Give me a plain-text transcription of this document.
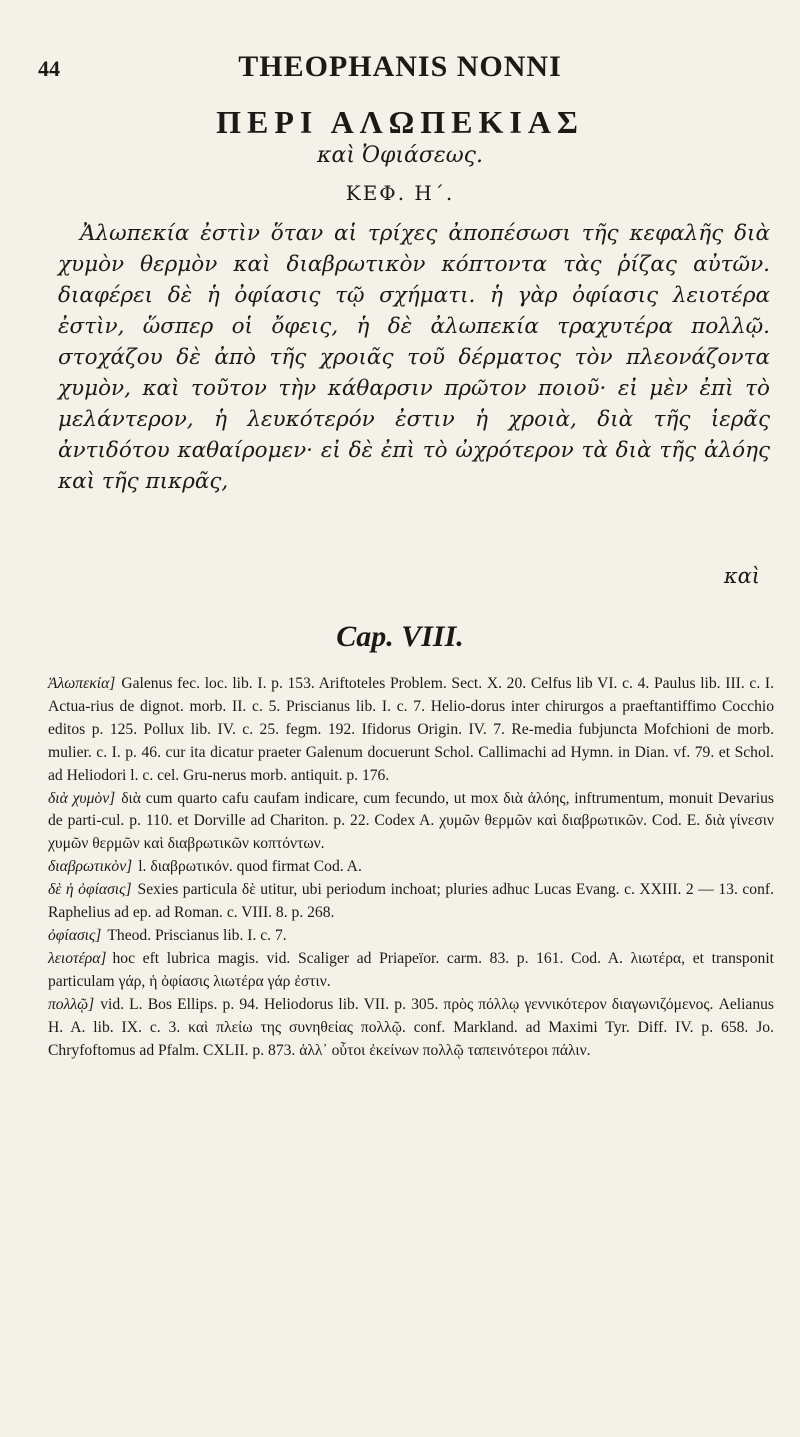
44	THEOPHANIS NONNI
ΠΕΡΙ ΑΛΩΠΕΚΙΑΣ
καὶ Ὀφιάσεως.
ΚΕΦ. Η΄.

Ἀλωπεκία ἐστὶν ὅταν αἱ τρίχες ἀποπέσωσι τῆς κεφαλῆς διὰ χυμὸν θερμὸν καὶ διαβρωτικὸν κόπτοντα τὰς ῥίζας αὐτῶν. διαφέρει δὲ ἡ ὀφίασις τῷ σχήματι. ἡ γὰρ ὀφίασις λειοτέρα ἐστὶν, ὥσπερ οἱ ὄφεις, ἡ δὲ ἀλωπεκία τραχυτέρα πολλῷ. στοχάζου δὲ ἀπὸ τῆς χροιᾶς τοῦ δέρματος τὸν πλεονάζοντα χυμὸν, καὶ τοῦτον τὴν κάθαρσιν πρῶτον ποιοῦ· εἰ μὲν ἐπὶ τὸ μελάντερον, ἡ λευκότερόν ἐστιν ἡ χροιὰ, διὰ τῆς ἱερᾶς ἀντιδότου καθαίρομεν· εἰ δὲ ἐπὶ τὸ ὠχρότερον τὰ διὰ τῆς ἀλόης καὶ τῆς πικρᾶς,

καὶ
Cap. VIII.

Ἀλωπεκία] Galenus fec. loc. lib. I. p. 153. Ariftoteles Problem. Sect. X. 20. Celfus lib VI. c. 4. Paulus lib. III. c. I. Actua-rius de dignot. morb. II. c. 5. Priscianus lib. I. c. 7. Helio-dorus inter chirurgos a praeftantiffimo Cocchio editos p. 125. Pollux lib. IV. c. 25. fegm. 192. Ifidorus Origin. IV. 7. Re-media fubjuncta Mofchioni de morb. mulier. c. I. p. 46. cur ita dicatur praeter Galenum docuerunt Schol. Callimachi ad Hymn. in Dian. vf. 79. et Schol. ad Heliodori l. c. cel. Gru-nerus morb. antiquit. p. 176.

διὰ χυμὸν] διὰ cum quarto cafu caufam indicare, cum fecundo, ut mox διὰ ἀλόης, inftrumentum, monuit Devarius de parti-cul. p. 110. et Dorville ad Chariton. p. 22. Codex A. χυμῶν θερμῶν καὶ διαβρωτικῶν. Cod. E. διὰ γίνεσιν χυμῶν θερμῶν καὶ διαβρωτικῶν κοπτόντων.

διαβρωτικὸν] l. διαβρωτικόν. quod firmat Cod. A.

δὲ ἡ ὀφίασις] Sexies particula δὲ utitur, ubi periodum inchoat; pluries adhuc Lucas Evang. c. XXIII. 2 — 13. conf. Raphelius ad ep. ad Roman. c. VIII. 8. p. 268.

ὀφίασις] Theod. Priscianus lib. I. c. 7.

λειοτέρα] hoc eft lubrica magis. vid. Scaliger ad Priapeїor. carm. 83. p. 161. Cod. A. λιωτέρα, et transponit particulam γάρ, ἡ ὀφίασις λιωτέρα γάρ ἐστιν.

πολλῷ] vid. L. Bos Ellips. p. 94. Heliodorus lib. VII. p. 305. πρὸς πόλλῳ γεννικότερον διαγωνιζόμενος. Aelianus H. A. lib. IX. c. 3. καὶ πλείω της συνηθείας πολλῷ. conf. Markland. ad Maximi Tyr. Diff. IV. p. 658. Jo. Chryfoftomus ad Pfalm. CXLII. p. 873. ἀλλ᾽ οὗτοι ἐκείνων πολλῷ ταπεινότεροι πάλιν.
